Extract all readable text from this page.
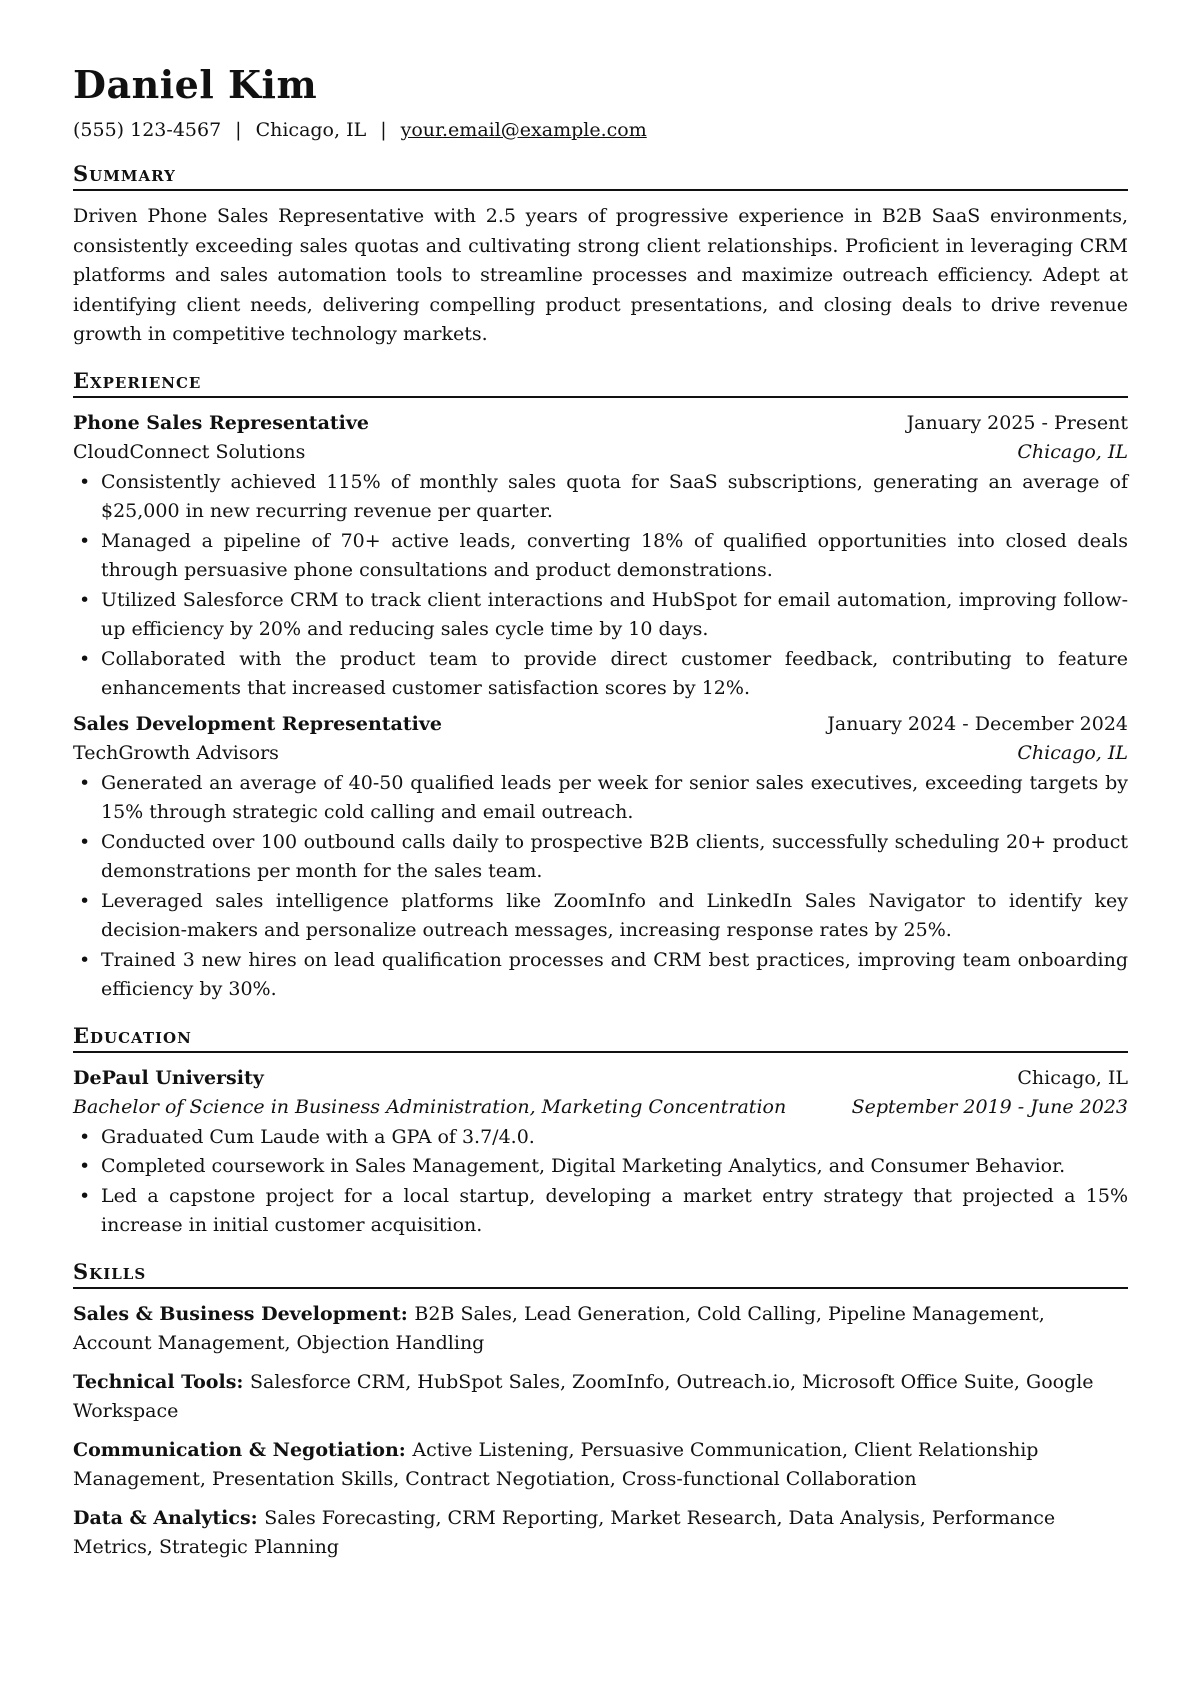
Daniel Kim
(555) 123-4567 | Chicago, IL | your.email@example.com
Summary

Driven Phone Sales Representative with 2.5 years of progressive experience in B2B SaaS environments, consistently exceeding sales quotas and cultivating strong client relationships. Proficient in leveraging CRM platforms and sales automation tools to streamline processes and maximize outreach efficiency. Adept at identifying client needs, delivering compelling product presentations, and closing deals to drive revenue growth in competitive technology markets.

Experience
Phone Sales Representative	January 2025 - Present
CloudConnect Solutions	Chicago, IL
• Consistently achieved 115% of monthly sales quota for SaaS subscriptions, generating an average of $25,000 in new recurring revenue per quarter.
• Managed a pipeline of 70+ active leads, converting 18% of qualified opportunities into closed deals through persuasive phone consultations and product demonstrations.
• Utilized Salesforce CRM to track client interactions and HubSpot for email automation, improving follow-up efficiency by 20% and reducing sales cycle time by 10 days.
• Collaborated with the product team to provide direct customer feedback, contributing to feature enhancements that increased customer satisfaction scores by 12%.
Sales Development Representative	January 2024 - December 2024
TechGrowth Advisors	Chicago, IL
• Generated an average of 40-50 qualified leads per week for senior sales executives, exceeding targets by 15% through strategic cold calling and email outreach.
• Conducted over 100 outbound calls daily to prospective B2B clients, successfully scheduling 20+ product demonstrations per month for the sales team.
• Leveraged sales intelligence platforms like ZoomInfo and LinkedIn Sales Navigator to identify key decision-makers and personalize outreach messages, increasing response rates by 25%.
• Trained 3 new hires on lead qualification processes and CRM best practices, improving team onboarding efficiency by 30%.
Education
DePaul University	Chicago, IL
Bachelor of Science in Business Administration, Marketing Concentration	September 2019 - June 2023
• Graduated Cum Laude with a GPA of 3.7/4.0.
• Completed coursework in Sales Management, Digital Marketing Analytics, and Consumer Behavior.
• Led a capstone project for a local startup, developing a market entry strategy that projected a 15% increase in initial customer acquisition.
Skills
Sales & Business Development: B2B Sales, Lead Generation, Cold Calling, Pipeline Management, Account Management, Objection Handling
Technical Tools: Salesforce CRM, HubSpot Sales, ZoomInfo, Outreach.io, Microsoft Office Suite, Google Workspace
Communication & Negotiation: Active Listening, Persuasive Communication, Client Relationship Management, Presentation Skills, Contract Negotiation, Cross-functional Collaboration
Data & Analytics: Sales Forecasting, CRM Reporting, Market Research, Data Analysis, Performance Metrics, Strategic Planning
